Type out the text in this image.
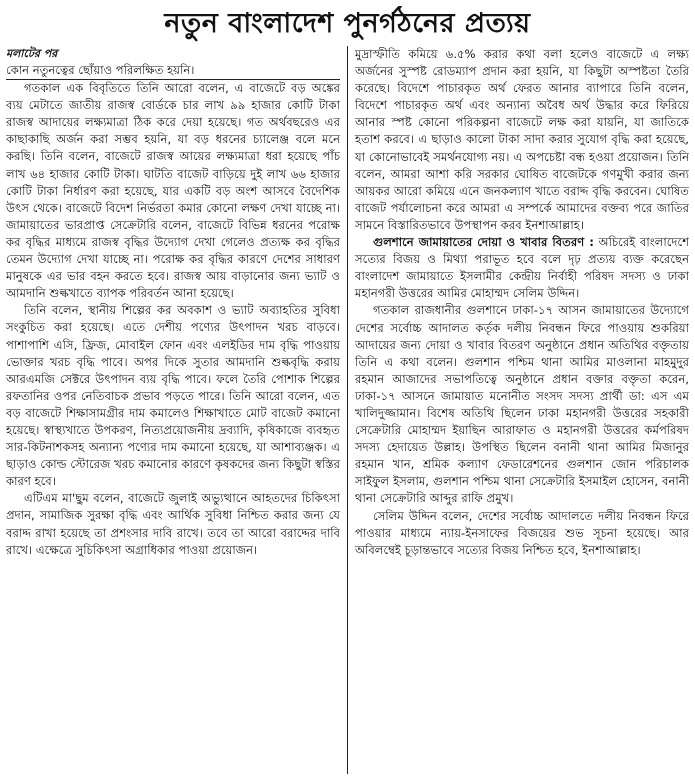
নতুন বাংলাদেশ পুনর্গঠনের প্রত্যয়
মলাটের পর

কোন নতুনত্বের ছোঁয়াও পরিলক্ষিত হয়নি।

গতকাল এক বিবৃতিতে তিনি আরো বলেন, এ বাজেটে বড় অঙ্কের ব্যয় মেটাতে জাতীয় রাজস্ব বোর্ডকে চার লাখ ৯৯ হাজার কোটি টাকা রাজস্ব আদায়ের লক্ষ্যমাত্রা ঠিক করে দেয়া হয়েছে। গত অর্থবছরেও এর কাছাকাছি অর্জন করা সম্ভব হয়নি, যা বড় ধরনের চ্যালেঞ্জ বলে মনে করছি। তিনি বলেন, বাজেটে রাজস্ব আয়ের লক্ষ্যমাত্রা ধরা হয়েছে পাঁচ লাখ ৬৪ হাজার কোটি টাকা। ঘাটতি বাজেট বাড়িয়ে দুই লাখ ৬৬ হাজার কোটি টাকা নির্ধারণ করা হয়েছে, যার একটি বড় অংশ আসবে বৈদেশিক উৎস থেকে। বাজেটে বিদেশ নির্ভরতা কমার কোনো লক্ষণ দেখা যাচ্ছে না। জামায়াতের ভারপ্রাপ্ত সেক্রেটারি বলেন, বাজেটে বিভিন্ন ধরনের পরোক্ষ কর বৃদ্ধির মাধ্যমে রাজস্ব বৃদ্ধির উদ্যোগ দেখা গেলেও প্রত্যক্ষ কর বৃদ্ধির তেমন উদ্যোগ দেখা যাচ্ছে না। পরোক্ষ কর বৃদ্ধির কারণে দেশের সাধারণ মানুষকে এর ভার বহন করতে হবে। রাজস্ব আয় বাড়ানোর জন্য ভ্যাট ও আমদানি শুল্কখাতে ব্যাপক পরিবর্তন আনা হয়েছে।

তিনি বলেন, স্থানীয় শিল্পের কর অবকাশ ও ভ্যাট অব্যাহতির সুবিধা সংকুচিত করা হয়েছে। এতে দেশীয় পণ্যের উৎপাদন খরচ বাড়বে। পাশাপাশি এসি, ফ্রিজ, মোবাইল ফোন এবং এলইডির দাম বৃদ্ধি পাওয়ায় ভোক্তার খরচ বৃদ্ধি পাবে। অপর দিকে সুতার আমদানি শুল্কবৃদ্ধি করায় আরএমজি সেক্টরে উৎপাদন ব্যয় বৃদ্ধি পাবে। ফলে তৈরি পোশাক শিল্পের রফতানির ওপর নেতিবাচক প্রভাব পড়তে পারে। তিনি আরো বলেন, এত বড় বাজেটে শিক্ষাসামগ্রীর দাম কমালেও শিক্ষাখাতে মোট বাজেট কমানো হয়েছে। স্বাস্থ্যখাতে উপকরণ, নিত্যপ্রয়োজনীয় দ্রব্যাদি, কৃষিকাজে ব্যবহৃত সার-কিটনাশকসহ অন্যান্য পণ্যের দাম কমানো হয়েছে, যা আশাব্যঞ্জক। এ ছাড়াও কোল্ড স্টোরেজ খরচ কমানোর কারণে কৃষকদের জন্য কিছুটা স্বস্তির কারণ হবে।

এটিএম মা'ছুম বলেন, বাজেটে জুলাই অভ্যুত্থানে আহতদের চিকিৎসা প্রদান, সামাজিক সুরক্ষা বৃদ্ধি এবং আর্থিক সুবিধা নিশ্চিত করার জন্য যে বরাদ্দ রাখা হয়েছে তা প্রশংসার দাবি রাখে। তবে তা আরো বরাদ্দের দাবি রাখে। এক্ষেত্রে সুচিকিৎসা অগ্রাধিকার পাওয়া প্রয়োজন।

মুদ্রাস্ফীতি কমিয়ে ৬.৫% করার কথা বলা হলেও বাজেটে এ লক্ষ্য অর্জনের সুস্পষ্ট রোডম্যাপ প্রদান করা হয়নি, যা কিছুটা অস্পষ্টতা তৈরি করেছে। বিদেশে পাচারকৃত অর্থ ফেরত আনার ব্যাপারে তিনি বলেন, বিদেশে পাচারকৃত অর্থ এবং অন্যান্য অবৈধ অর্থ উদ্ধার করে ফিরিয়ে আনার স্পষ্ট কোনো পরিকল্পনা বাজেটে লক্ষ করা যায়নি, যা জাতিকে হতাশ করবে। এ ছাড়াও কালো টাকা সাদা করার সুযোগ বৃদ্ধি করা হয়েছে, যা কোনোভাবেই সমর্থনযোগ্য নয়। এ অপচেষ্টা বন্ধ হওয়া প্রয়োজন। তিনি বলেন, আমরা আশা করি সরকার ঘোষিত বাজেটকে গণমুখী করার জন্য আয়কর আরো কমিয়ে এনে জনকল্যাণ খাতে বরাদ্দ বৃদ্ধি করবেন। ঘোষিত বাজেট পর্যালোচনা করে আমরা এ সম্পর্কে আমাদের বক্তব্য পরে জাতির সামনে বিস্তারিতভাবে উপস্থাপন করব ইনশাআল্লাহ।

গুলশানে জামায়াতের দোয়া ও খাবার বিতরণ : অচিরেই বাংলাদেশে সত্যের বিজয় ও মিথ্যা পরাভূত হবে বলে দৃঢ় প্রত্যয় ব্যক্ত করেছেন বাংলাদেশ জামায়াতে ইসলামীর কেন্দ্রীয় নির্বাহী পরিষদ সদস্য ও ঢাকা মহানগরী উত্তরের আমির মোহাম্মদ সেলিম উদ্দিন।

গতকাল রাজধানীর গুলশানে ঢাকা-১৭ আসন জামায়াতের উদ্যোগে দেশের সর্বোচ্চ আদালত কর্তৃক দলীয় নিবন্ধন ফিরে পাওয়ায় শুকরিয়া আদায়ের জন্য দোয়া ও খাবার বিতরণ অনুষ্ঠানে প্রধান অতিথির বক্তৃতায় তিনি এ কথা বলেন। গুলশান পশ্চিম থানা আমির মাওলানা মাহমুদুর রহমান আজাদের সভাপতিত্বে অনুষ্ঠানে প্রধান বক্তার বক্তৃতা করেন, ঢাকা-১৭ আসনে জামায়াত মনোনীত সংসদ সদস্য প্রার্থী ডা: এস এম খালিদুজ্জামান। বিশেষ অতিথি ছিলেন ঢাকা মহানগরী উত্তরের সহকারী সেক্রেটারি মোহাম্মদ ইয়াছিন আরাফাত ও মহানগরী উত্তরের কর্মপরিষদ সদস্য হেদায়েত উল্লাহ। উপস্থিত ছিলেন বনানী থানা আমির মিজানুর রহমান খান, শ্রমিক কল্যাণ ফেডারেশনের গুলশান জোন পরিচালক সাইফুল ইসলাম, গুলশান পশ্চিম থানা সেক্রেটারি ইসমাইল হোসেন, বনানী থানা সেক্রেটারি আব্দুর রাফি প্রমুখ।

সেলিম উদ্দিন বলেন, দেশের সর্বোচ্চ আদালতে দলীয় নিবন্ধন ফিরে পাওয়ার মাধ্যমে ন্যায়-ইনসাফের বিজয়ের শুভ সূচনা হয়েছে। আর অবিলম্বেই চূড়ান্তভাবে সত্যের বিজয় নিশ্চিত হবে, ইনশাআল্লাহ।
